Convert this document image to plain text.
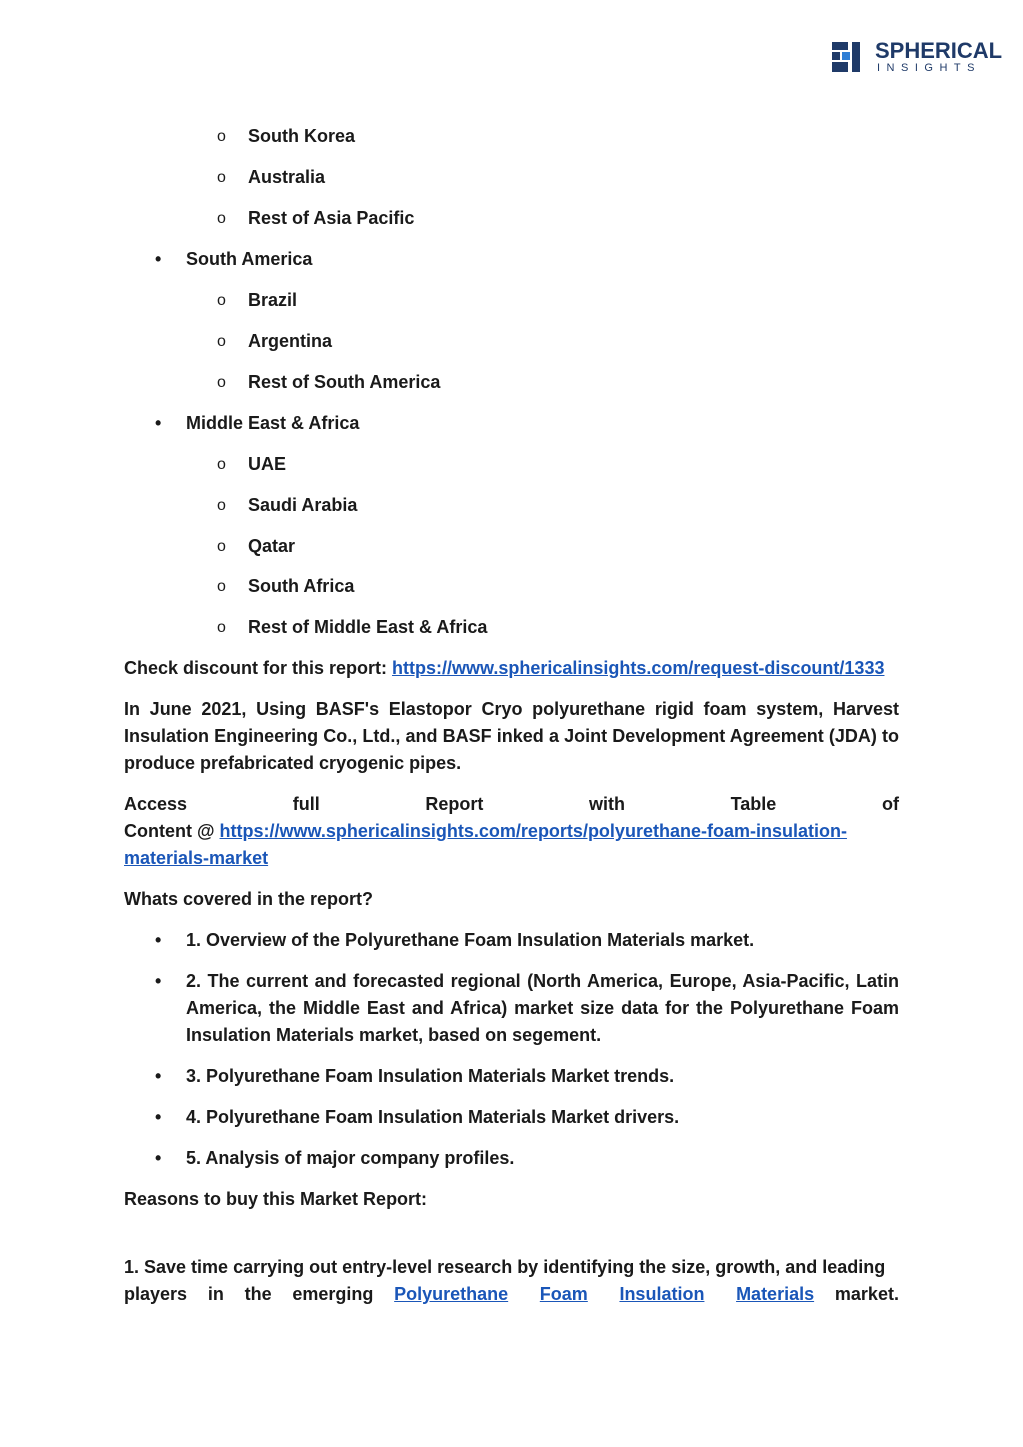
SPHERICAL
INSIGHTS
o South Korea
o Australia
o Rest of Asia Pacific
• South America
o Brazil
o Argentina
o Rest of South America
• Middle East & Africa
o UAE
o Saudi Arabia
o Qatar
o South Africa
o Rest of Middle East & Africa
Check discount for this report: https://www.sphericalinsights.com/request-discount/1333
In June 2021, Using BASF's Elastopor Cryo polyurethane rigid foam system, Harvest Insulation Engineering Co., Ltd., and BASF inked a Joint Development Agreement (JDA) to produce prefabricated cryogenic pipes.
Access	full	Report	with	Table	of
Content @ https://www.sphericalinsights.com/reports/polyurethane-foam-insulation-
materials-market
Whats covered in the report?
• 1. Overview of the Polyurethane Foam Insulation Materials market.
• 2. The current and forecasted regional (North America, Europe, Asia-Pacific, Latin America, the Middle East and Africa) market size data for the Polyurethane Foam Insulation Materials market, based on segement.
• 3. Polyurethane Foam Insulation Materials Market trends.
• 4. Polyurethane Foam Insulation Materials Market drivers.
• 5. Analysis of major company profiles.
Reasons to buy this Market Report:
1. Save time carrying out entry-level research by identifying the size, growth, and leading
players in the emerging Polyurethane Foam Insulation Materials market.
